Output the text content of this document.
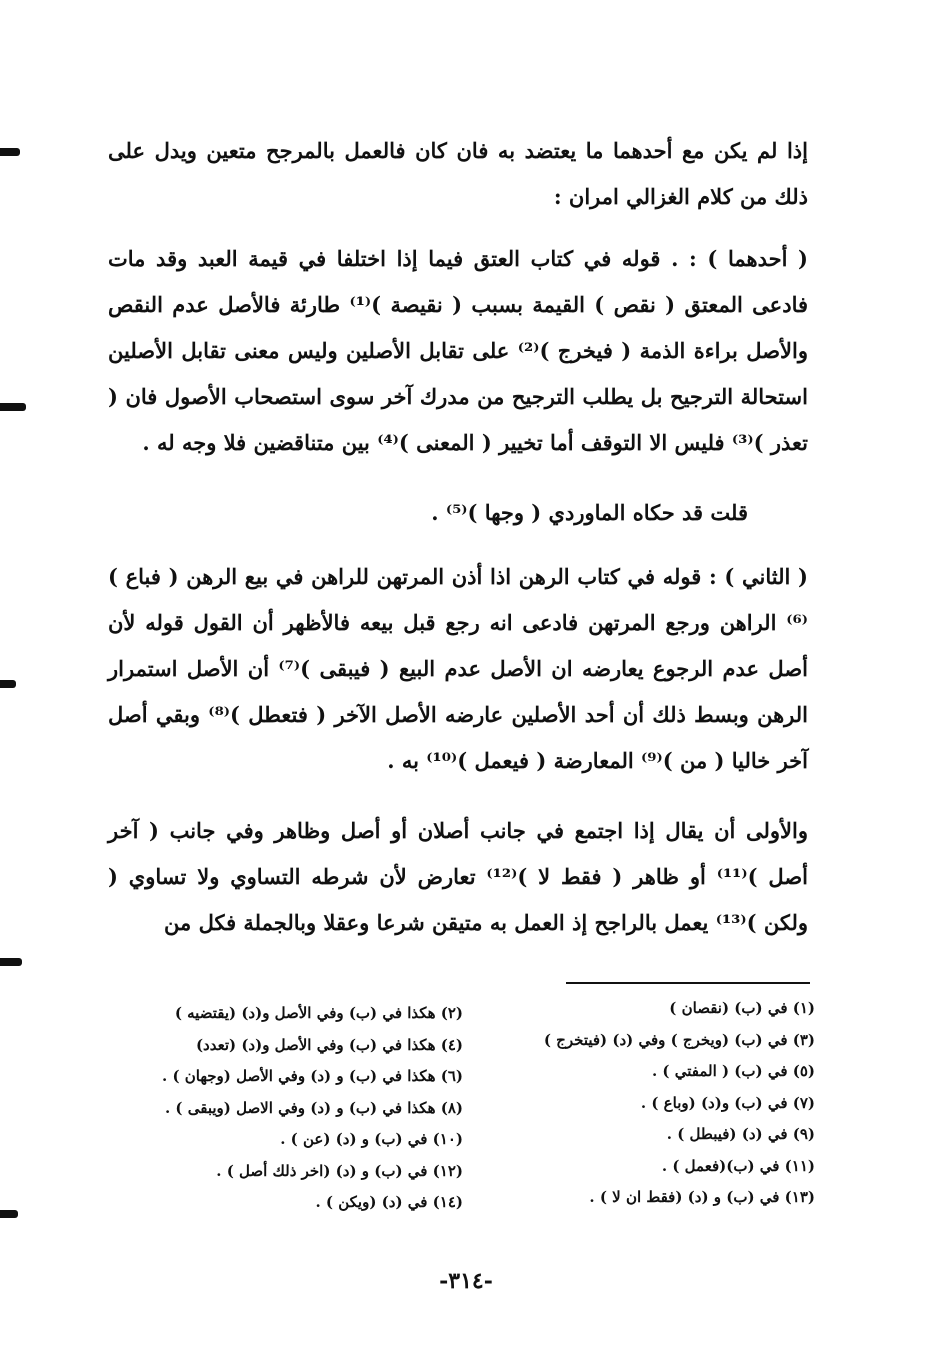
إذا لم يكن مع أحدهما ما يعتضد به فان كان فالعمل بالمرجح متعين ويدل على ذلك من كلام الغزالي امران :

( أحدهما ) : . قوله في كتاب العتق فيما إذا اختلفا في قيمة العبد وقد مات فادعى المعتق ( نقص ) القيمة بسبب ( نقيصة )⁽¹⁾ طارئة فالأصل عدم النقص والأصل براءة الذمة ( فيخرج )⁽²⁾ على تقابل الأصلين وليس معنى تقابل الأصلين استحالة الترجيح بل يطلب الترجيح من مدرك آخر سوى استصحاب الأصول فان ( تعذر )⁽³⁾ فليس الا التوقف أما تخيير ( المعنى )⁽⁴⁾ بين متناقضين فلا وجه له .

قلت قد حكاه الماوردي ( وجها )⁽⁵⁾ .

( الثاني ) : قوله في كتاب الرهن اذا أذن المرتهن للراهن في بيع الرهن ( فباع )⁽⁶⁾ الراهن ورجع المرتهن فادعى انه رجع قبل بيعه فالأظهر أن القول قوله لأن أصل عدم الرجوع يعارضه ان الأصل عدم البيع ( فيبقى )⁽⁷⁾ أن الأصل استمرار الرهن وبسط ذلك أن أحد الأصلين عارضه الأصل الآخر ( فتعطل )⁽⁸⁾ وبقي أصل آخر خاليا ( من )⁽⁹⁾ المعارضة ( فيعمل )⁽¹⁰⁾ به .

والأولى أن يقال إذا اجتمع في جانب أصلان أو أصل وظاهر وفي جانب ( آخر أصل )⁽¹¹⁾ أو ظاهر ( فقط لا )⁽¹²⁾ تعارض لأن شرطه التساوي ولا تساوي ( ولكن )⁽¹³⁾ يعمل بالراجح إذ العمل به متيقن شرعا وعقلا وبالجملة فكل من

(١) في (ب) (نقصان )
(٣) في (ب) (ويخرج ) وفي (د) (فيتخرج )
(٥) في (ب) ( المفتي ) .
(٧) في (ب) و(د) (وباع ) .
(٩) في (د) (فيبطل ) .
(١١) في (ب)(فعمل ) .
(١٣) في (ب) و (د) (فقط ان لا ) .
(٢) هكذا في (ب) وفي الأصل و(د) (يقتضيه )
(٤) هكذا في (ب) وفي الأصل و(د) (تعدد)
(٦) هكذا في (ب) و (د) وفي الأصل (وجهان ) .
(٨) هكذا في (ب) و (د) وفي الاصل (ويبقى ) .
(١٠) في (ب) و (د) (عن ) .
(١٢) في (ب) و (د) (اخر ذلك أصل ) .
(١٤) في (د) (ويكن ) .
-٣١٤-
